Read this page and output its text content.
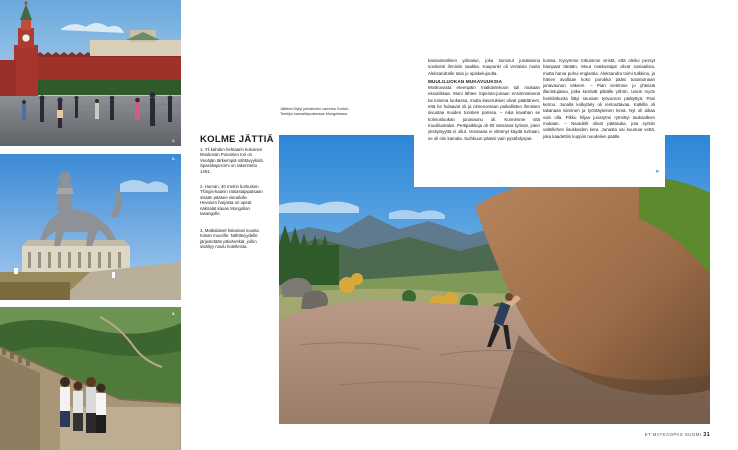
1.
2.
3.
KOLME JÄTTIÄ
1. Yli kahden hehtaarin kokoinen Moskovan Punainen tori on Venäjän tärkeimpiä nähtävyyksiä. Spasskaja-torni on rakennettu 1491.
2. Human, 40 metrin korkuisen Tšingis-kaanin ratsastajapatsaan sisään pääsee vierailulle. Hevosen harjasta on upeat näköalat kauas Mongolian tasangolle.
3. Matkalaiset halusivat nousta Kiinan muurille. Nähtävyydelle järjestetään päiväretkiä, joihin sisältyy noulu hotelleista.
Jättikivi löytyi juhlakivien varresta Gorkhi-Terelijin kansallispuistossa Mongoliassa.

kansainvälinen ydinalue, joka toiminut junalaisina sovituinti ihmisiin saakka. Kaupunki oli vertaisia muita Aleksandralle tutia jo opiskelujoulta.

MUULILUOKAN MUKAVUUKSIA

Moskovasta eteenpäin matkantekoon tuli mukaan eksotiikkaa. Moni lähtee Siperian-junaan ensimmäisenä tai toisena luokassa, mutta kaveruksiet olivat päättäneet, että he hulaavat oli ja nimenomaan paikallisten ihmisten sivustaa muiden turistien parissa. – Aika kavahan se kolmosluokan junavaunu oli. Kunnimme sitä muuliluokaksi. Pettipaikkoja oli 60 samassa tyrissä, joten yksityisyyttä ei ollut. Vessassa ei vittömyt käydä turhaan, se oli niin kamala. Suihkuun päässi vain pysähdyspai-

koissa. Kysymme tottuimme viristä, että oleiko pessyt hampaat tänään. Muut matkustajat olivat sosiaalisia, mutta harva puhui englantia. Aleksandra toimi tulkkina, ja hänen avullaan koko porukka pääsi tutustumaan junavaunun väkeen. – Pian vietimme jo yhteisiä illanistujaisia, jotka kestivät pitkälle yöhön. Usein myös henkilökunta liittyi seuraan työvuoron päätyttyä, Pasi kertoo. Junalla kolkyttely oli rentouttavaa. Kalkilla oli takanaan kiireinen ja työntäyteinen kesä. Nyt oli aikaa vain olla. Pikku hiljaa junarytmi rytmittyi tauksalleen mukaan. – Nautdelit olivat päärauka, jota syntiin valtellehen lisukkeiden kera. Junasta sai kuumaa vettä, joka kaadettiin kuppiin nuudelien päälle.

»
ET MATKAOPAS SUOMI 31
